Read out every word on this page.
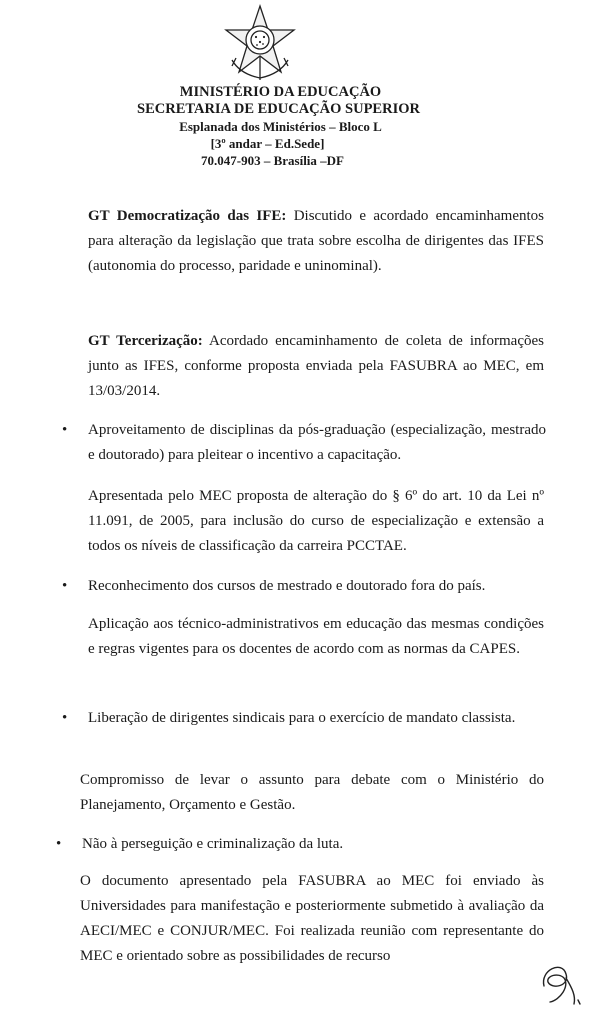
MINISTÉRIO DA EDUCAÇÃO
SECRETARIA DE EDUCAÇÃO SUPERIOR
Esplanada dos Ministérios – Bloco L
[3º andar – Ed.Sede]
70.047-903 – Brasília –DF
GT Democratização das IFE: Discutido e acordado encaminhamentos para alteração da legislação que trata sobre escolha de dirigentes das IFES (autonomia do processo, paridade e uninominal).
GT Tercerização: Acordado encaminhamento de coleta de informações junto as IFES, conforme proposta enviada pela FASUBRA ao MEC, em 13/03/2014.
•	Aproveitamento de disciplinas da pós-graduação (especialização, mestrado e doutorado) para pleitear o incentivo a capacitação.
Apresentada pelo MEC proposta de alteração do § 6º do art. 10 da Lei nº 11.091, de 2005, para inclusão do curso de especialização e extensão a todos os níveis de classificação da carreira PCCTAE.
•	Reconhecimento dos cursos de mestrado e doutorado fora do país.
Aplicação aos técnico-administrativos em educação das mesmas condições e regras vigentes para os docentes de acordo com as normas da CAPES.
•	Liberação de dirigentes sindicais para o exercício de mandato classista.
Compromisso de levar o assunto para debate com o Ministério do Planejamento, Orçamento e Gestão.
•	Não à perseguição e criminalização da luta.
O documento apresentado pela FASUBRA ao MEC foi enviado às Universidades para manifestação e posteriormente submetido à avaliação da AECI/MEC e CONJUR/MEC. Foi realizada reunião com representante do MEC e orientado sobre as possibilidades de recurso
